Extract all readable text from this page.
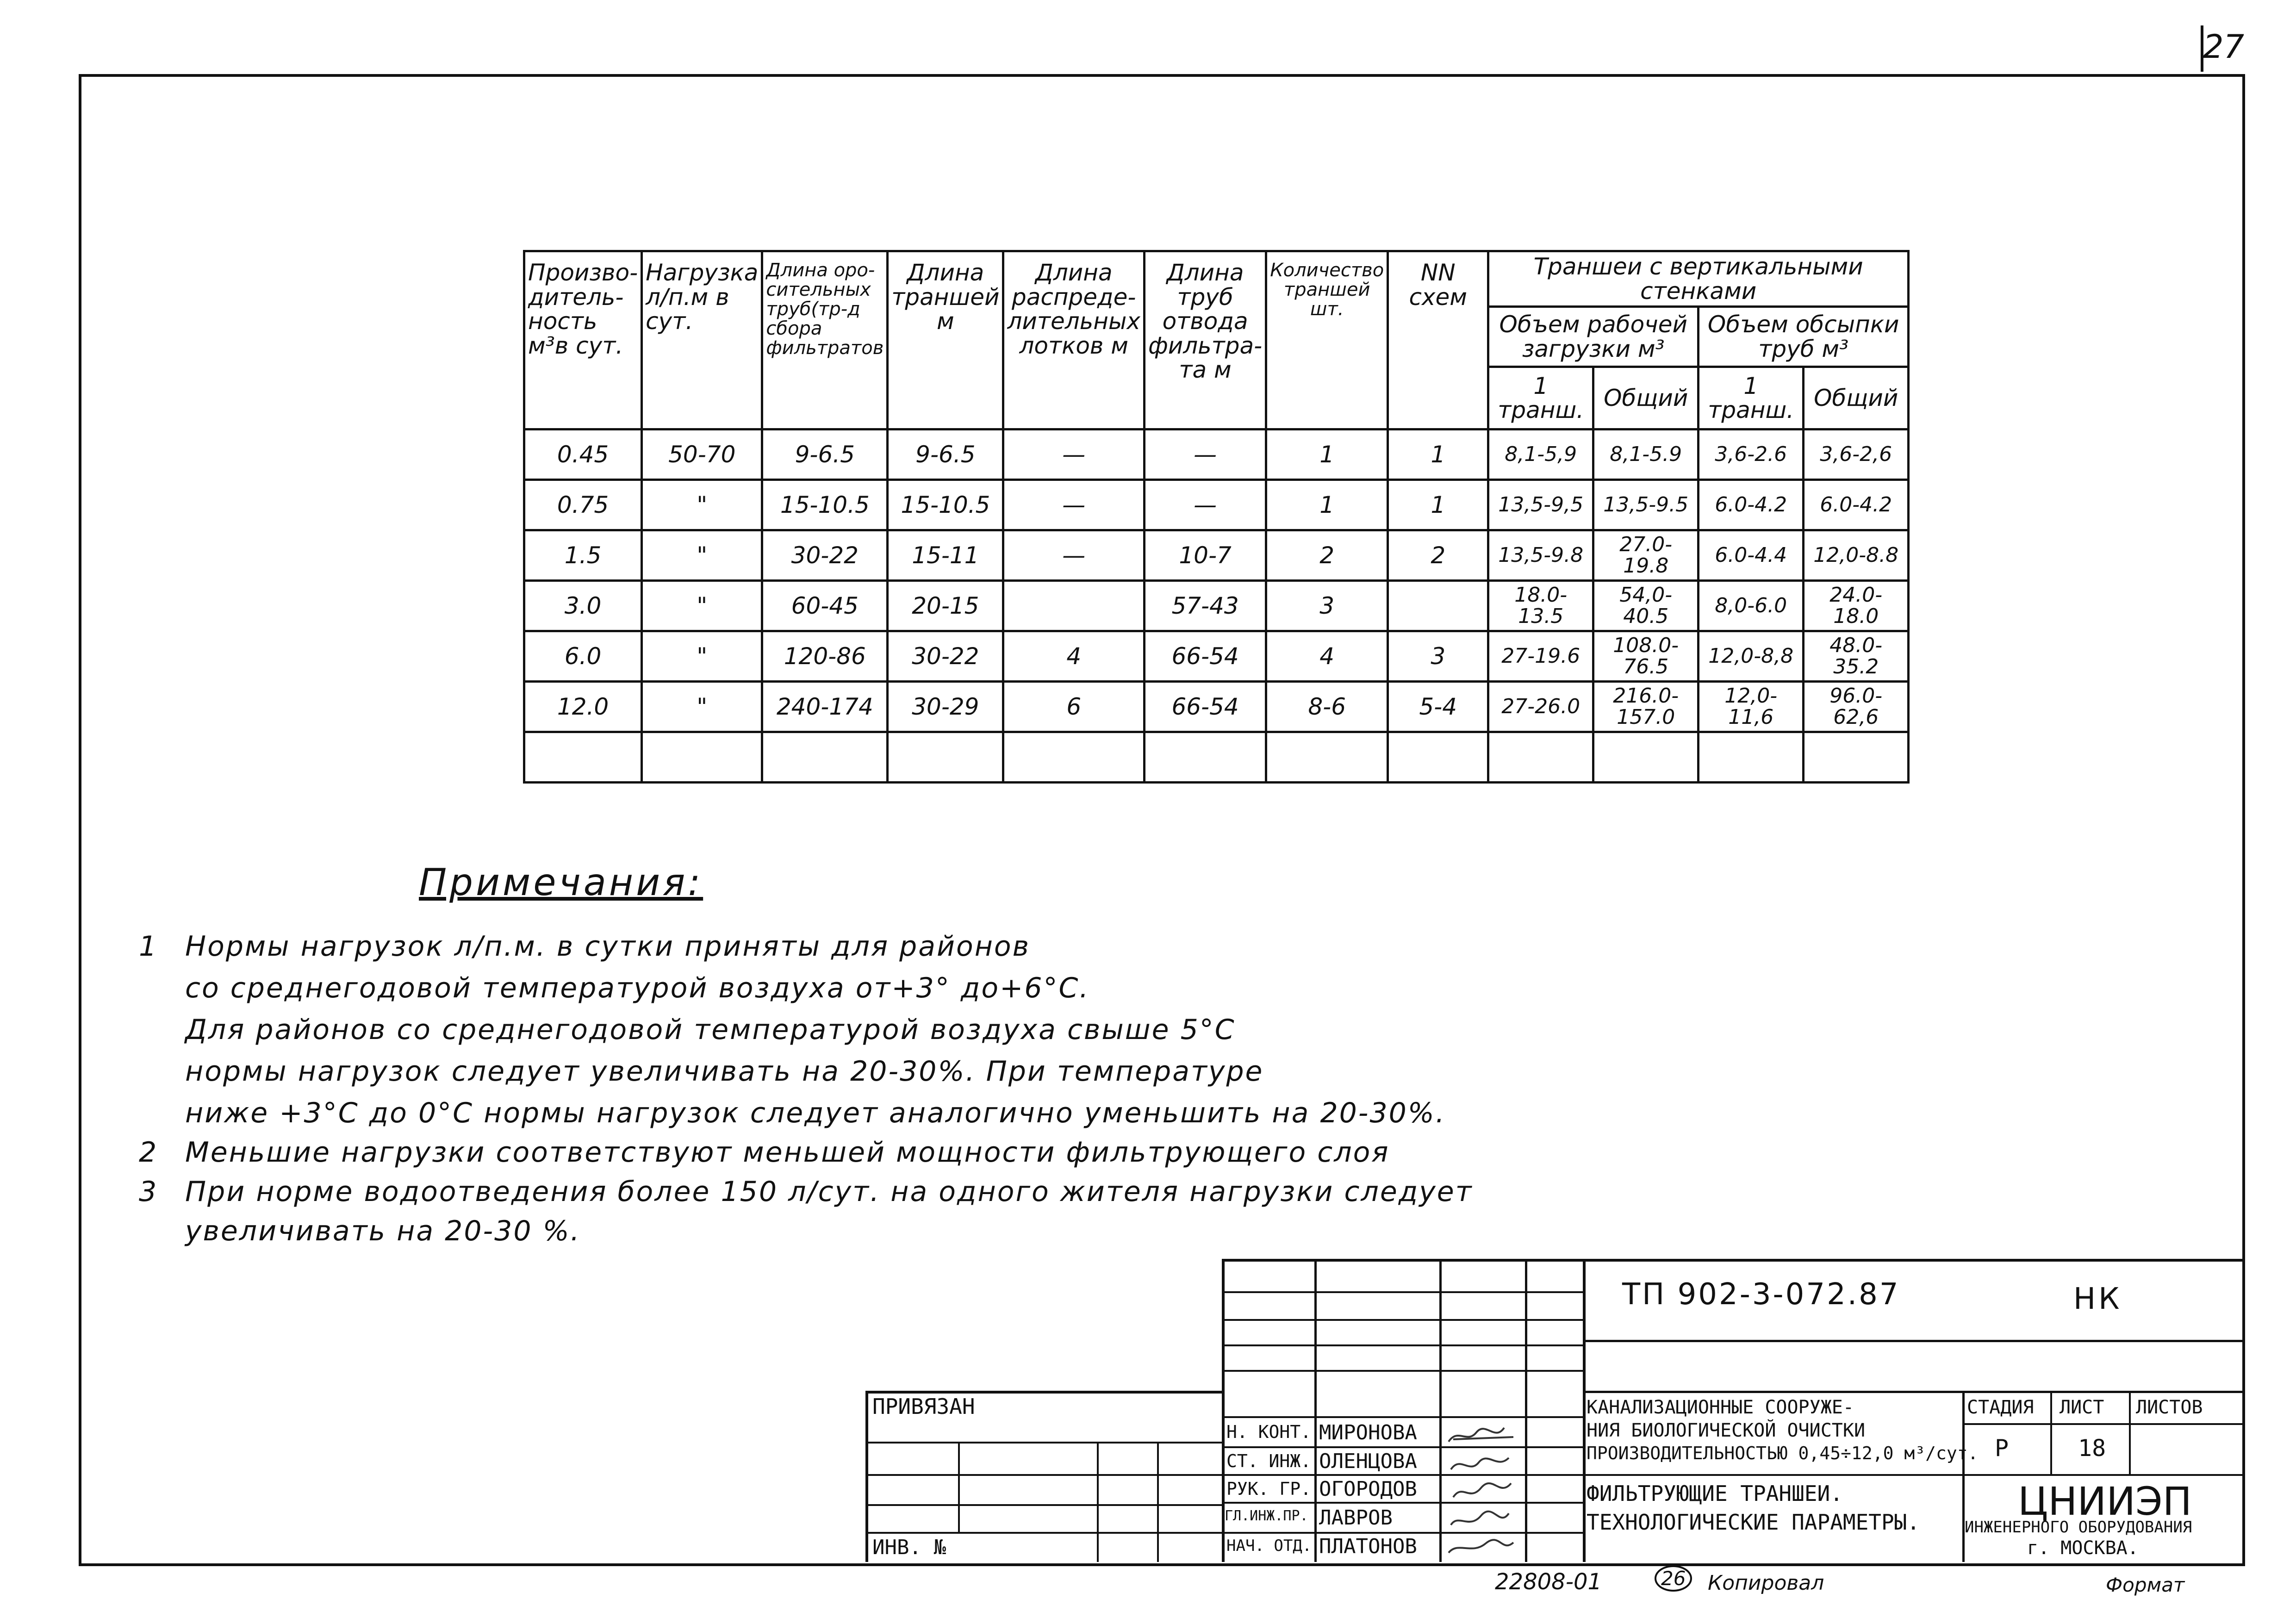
27
Произво-дитель-ность м³в сут.	Нагрузка л/п.м в сут.	Длина оро-сительных труб(тр-д сбора фильтратов	Длина траншей м	Длина распреде-лительных лотков м	Длина труб отвода фильтра-та м	Количество траншей шт.	NN схем	Траншеи с вертикальными стенками			
								Объем рабочей загрузки м³		Объем обсыпки труб м³	
								1 транш.	Общий	1 транш.	Общий
0.45	50-70	9-6.5	9-6.5	—	—	1	1	8,1-5,9	8,1-5.9	3,6-2.6	3,6-2,6
0.75	"	15-10.5	15-10.5	—	—	1	1	13,5-9,5	13,5-9.5	6.0-4.2	6.0-4.2
1.5	"	30-22	15-11	—	10-7	2	2	13,5-9.8	27.0-19.8	6.0-4.4	12,0-8.8
3.0	"	60-45	20-15		57-43	3		18.0-13.5	54,0-40.5	8,0-6.0	24.0-18.0
6.0	"	120-86	30-22	4	66-54	4	3	27-19.6	108.0-76.5	12,0-8,8	48.0-35.2
12.0	"	240-174	30-29	6	66-54	8-6	5-4	27-26.0	216.0-157.0	12,0-11,6	96.0-62,6

Примечания:
1 Нормы нагрузок л/п.м. в сутки приняты для районов
со среднегодовой температурой воздуха от+3° до+6°С.
Для районов со среднегодовой температурой воздуха свыше 5°С
нормы нагрузок следует увеличивать на 20-30%. При температуре
ниже +3°С до 0°С нормы нагрузок следует аналогично уменьшить на 20-30%.
2 Меньшие нагрузки соответствуют меньшей мощности фильтрующего слоя
3 При норме водоотведения более 150 л/сут. на одного жителя нагрузки следует
увеличивать на 20-30 %.
ТП 902-3-072.87	НК
ПРИВЯЗАН
ИНВ. №
Н. КОНТ. МИРОНОВА
СТ. ИНЖ. ОЛЕНЦОВА
РУК. ГР. ОГОРОДОВ
ГЛ.ИНЖ.ПР. ЛАВРОВ
НАЧ. ОТД. ПЛАТОНОВ
КАНАЛИЗАЦИОННЫЕ СООРУЖЕ-
НИЯ БИОЛОГИЧЕСКОЙ ОЧИСТКИ
ПРОИЗВОДИТЕЛЬНОСТЬЮ 0,45÷12,0 м³/сут.
ФИЛЬТРУЮЩИЕ ТРАНШЕИ.
ТЕХНОЛОГИЧЕСКИЕ ПАРАМЕТРЫ.
СТАДИЯ ЛИСТ ЛИСТОВ
Р	18
ЦНИИЭП
ИНЖЕНЕРНОГО ОБОРУДОВАНИЯ
г. МОСКВА.
22808-01	26	Копировал	Формат
